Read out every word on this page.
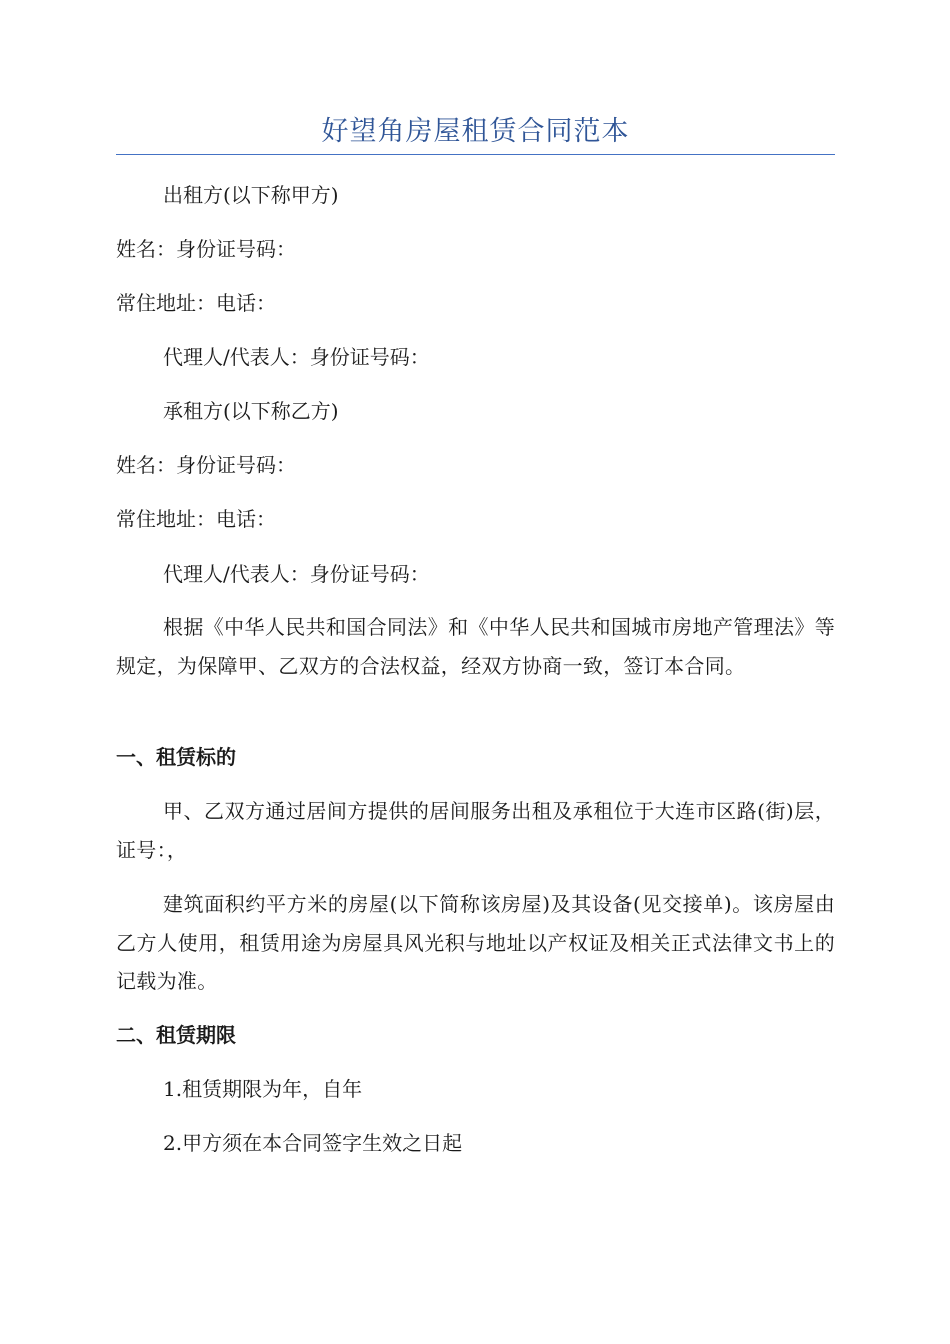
好望角房屋租赁合同范本
出租方(以下称甲方)
姓名：身份证号码：
常住地址：电话：
代理人/代表人：身份证号码：
承租方(以下称乙方)
姓名：身份证号码：
常住地址：电话：
代理人/代表人：身份证号码：
根据《中华人民共和国合同法》和《中华人民共和国城市房地产管理法》等规定，为保障甲、乙双方的合法权益，经双方协商一致，签订本合同。
一、租赁标的
甲、乙双方通过居间方提供的居间服务出租及承租位于大连市区路(街)层，证号：，
建筑面积约平方米的房屋(以下简称该房屋)及其设备(见交接单)。该房屋由乙方人使用，租赁用途为房屋具风光积与地址以产权证及相关正式法律文书上的记载为准。
二、租赁期限
1.租赁期限为年，自年
2.甲方须在本合同签字生效之日起
